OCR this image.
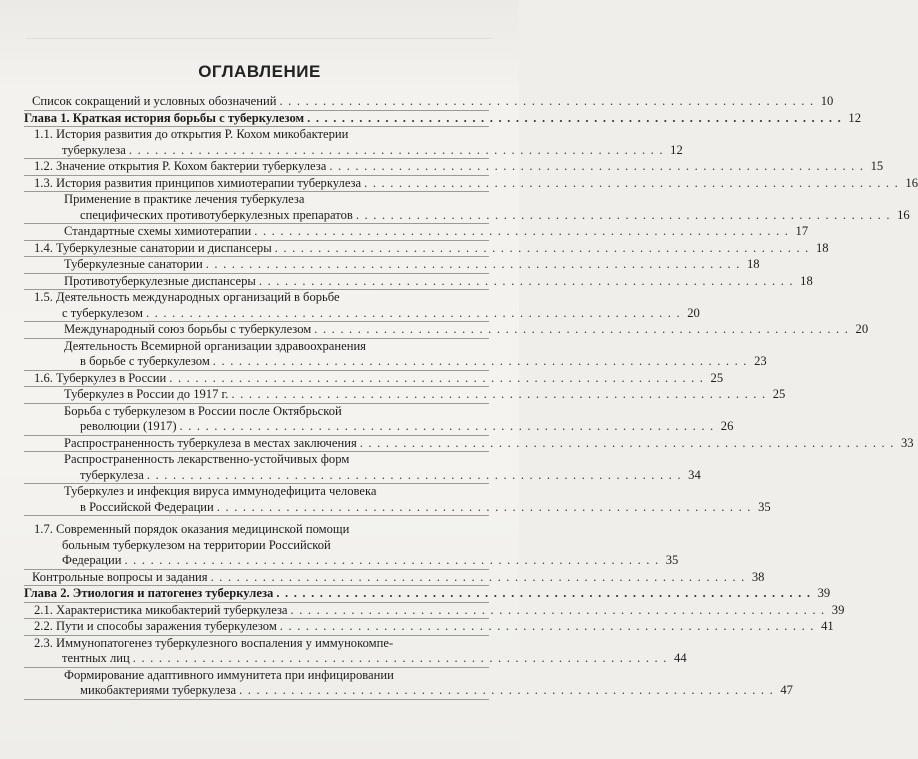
ОГЛАВЛЕНИЕ
Список сокращений и условных обозначений . . . . . . . . . . . . . . . . . . . . . . . . . . . . . . . . . . . . . . . . . . . . . . . . . . . . . . . . . . . . . . 10
Глава 1. Краткая история борьбы с туберкулезом . . . . . . . . . . . . . . . . . . . . . . . . . . . . . . . . . . . . . . . . . . . . . . . . . . . . . . . . . . . . . . 12
1.1. История развития до открытия Р. Кохом микобактерии
туберкулеза . . . . . . . . . . . . . . . . . . . . . . . . . . . . . . . . . . . . . . . . . . . . . . . . . . . . . . . . . . . . . . 12
1.2. Значение открытия Р. Кохом бактерии туберкулеза . . . . . . . . . . . . . . . . . . . . . . . . . . . . . . . . . . . . . . . . . . . . . . . . . . . . . . . . . . . . . . 15
1.3. История развития принципов химиотерапии туберкулеза . . . . . . . . . . . . . . . . . . . . . . . . . . . . . . . . . . . . . . . . . . . . . . . . . . . . . . . . . . . . . . 16
Применение в практике лечения туберкулеза
специфических противотуберкулезных препаратов . . . . . . . . . . . . . . . . . . . . . . . . . . . . . . . . . . . . . . . . . . . . . . . . . . . . . . . . . . . . . . 16
Стандартные схемы химиотерапии . . . . . . . . . . . . . . . . . . . . . . . . . . . . . . . . . . . . . . . . . . . . . . . . . . . . . . . . . . . . . . 17
1.4. Туберкулезные санатории и диспансеры . . . . . . . . . . . . . . . . . . . . . . . . . . . . . . . . . . . . . . . . . . . . . . . . . . . . . . . . . . . . . . 18
Туберкулезные санатории . . . . . . . . . . . . . . . . . . . . . . . . . . . . . . . . . . . . . . . . . . . . . . . . . . . . . . . . . . . . . . 18
Противотуберкулезные диспансеры . . . . . . . . . . . . . . . . . . . . . . . . . . . . . . . . . . . . . . . . . . . . . . . . . . . . . . . . . . . . . . 18
1.5. Деятельность международных организаций в борьбе
с туберкулезом . . . . . . . . . . . . . . . . . . . . . . . . . . . . . . . . . . . . . . . . . . . . . . . . . . . . . . . . . . . . . . 20
Международный союз борьбы с туберкулезом . . . . . . . . . . . . . . . . . . . . . . . . . . . . . . . . . . . . . . . . . . . . . . . . . . . . . . . . . . . . . . 20
Деятельность Всемирной организации здравоохранения
в борьбе с туберкулезом . . . . . . . . . . . . . . . . . . . . . . . . . . . . . . . . . . . . . . . . . . . . . . . . . . . . . . . . . . . . . . 23
1.6. Туберкулез в России . . . . . . . . . . . . . . . . . . . . . . . . . . . . . . . . . . . . . . . . . . . . . . . . . . . . . . . . . . . . . . 25
Туберкулез в России до 1917 г. . . . . . . . . . . . . . . . . . . . . . . . . . . . . . . . . . . . . . . . . . . . . . . . . . . . . . . . . . . . . . . 25
Борьба с туберкулезом в России после Октябрьской
революции (1917) . . . . . . . . . . . . . . . . . . . . . . . . . . . . . . . . . . . . . . . . . . . . . . . . . . . . . . . . . . . . . . 26
Распространенность туберкулеза в местах заключения . . . . . . . . . . . . . . . . . . . . . . . . . . . . . . . . . . . . . . . . . . . . . . . . . . . . . . . . . . . . . . 33
Распространенность лекарственно-устойчивых форм
туберкулеза . . . . . . . . . . . . . . . . . . . . . . . . . . . . . . . . . . . . . . . . . . . . . . . . . . . . . . . . . . . . . . 34
Туберкулез и инфекция вируса иммунодефицита человека
в Российской Федерации . . . . . . . . . . . . . . . . . . . . . . . . . . . . . . . . . . . . . . . . . . . . . . . . . . . . . . . . . . . . . . 35
1.7. Современный порядок оказания медицинской помощи
больным туберкулезом на территории Российской
Федерации . . . . . . . . . . . . . . . . . . . . . . . . . . . . . . . . . . . . . . . . . . . . . . . . . . . . . . . . . . . . . . 35
Контрольные вопросы и задания . . . . . . . . . . . . . . . . . . . . . . . . . . . . . . . . . . . . . . . . . . . . . . . . . . . . . . . . . . . . . . 38
Глава 2. Этиология и патогенез туберкулеза . . . . . . . . . . . . . . . . . . . . . . . . . . . . . . . . . . . . . . . . . . . . . . . . . . . . . . . . . . . . . . 39
2.1. Характеристика микобактерий туберкулеза . . . . . . . . . . . . . . . . . . . . . . . . . . . . . . . . . . . . . . . . . . . . . . . . . . . . . . . . . . . . . . 39
2.2. Пути и способы заражения туберкулезом . . . . . . . . . . . . . . . . . . . . . . . . . . . . . . . . . . . . . . . . . . . . . . . . . . . . . . . . . . . . . . 41
2.3. Иммунопатогенез туберкулезного воспаления у иммунокомпе-
тентных лиц . . . . . . . . . . . . . . . . . . . . . . . . . . . . . . . . . . . . . . . . . . . . . . . . . . . . . . . . . . . . . . 44
Формирование адаптивного иммунитета при инфицировании
микобактериями туберкулеза . . . . . . . . . . . . . . . . . . . . . . . . . . . . . . . . . . . . . . . . . . . . . . . . . . . . . . . . . . . . . . 47
